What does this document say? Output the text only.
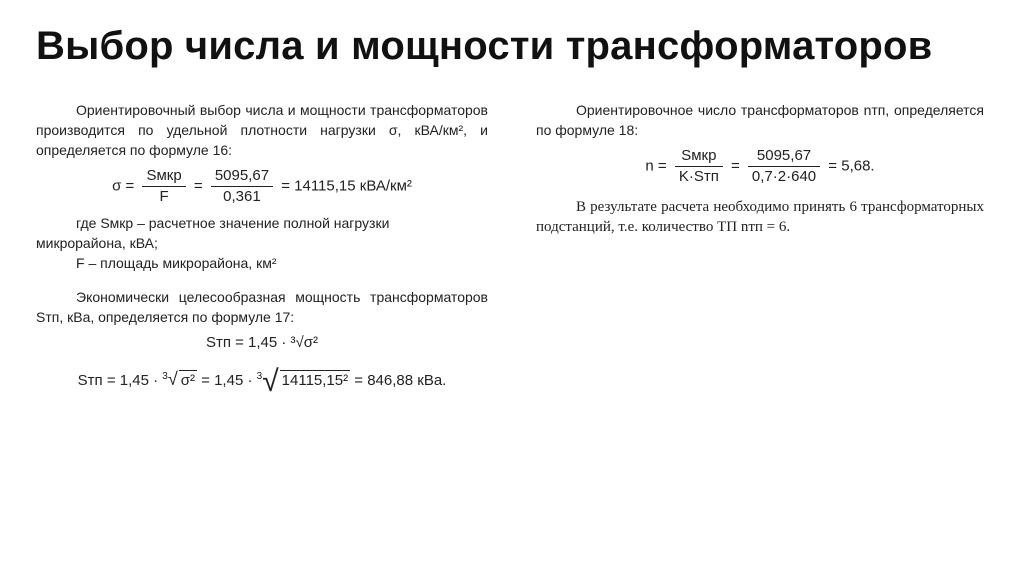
Выбор числа и мощности трансформаторов

Ориентировочный выбор числа и мощности трансформаторов производится по удельной плотности нагрузки σ, кВА/км², и определяется по формуле 16:

$\sigma = \frac{\text{Sмкр}}{F} = \frac{5095,67}{0,361} = 14115,15$ кВА/км²

где Sмкр – расчетное значение полной нагрузки

микрорайона, кВА;

F – площадь микрорайона, км²

Экономически целесообразная мощность трансформаторов Sтп, кВа, определяется по формуле 17:

Sтп = 1,45 · ³√σ²
Sтп = 1,45 · $^3$√ σ² = 1,45 · $^3$√ 14115,15² = 846,88 кВа.

Ориентировочное число трансформаторов nтп, определяется по формуле 18:

$n = \frac{\text{Sмкр}}{\text{K·Sтп}} = \frac{5095,67}{0,7\cdot 2\cdot 640} = 5,68$.

В результате расчета необходимо принять 6 трансформаторных подстанций, т.е. количество ТП nтп = 6.
